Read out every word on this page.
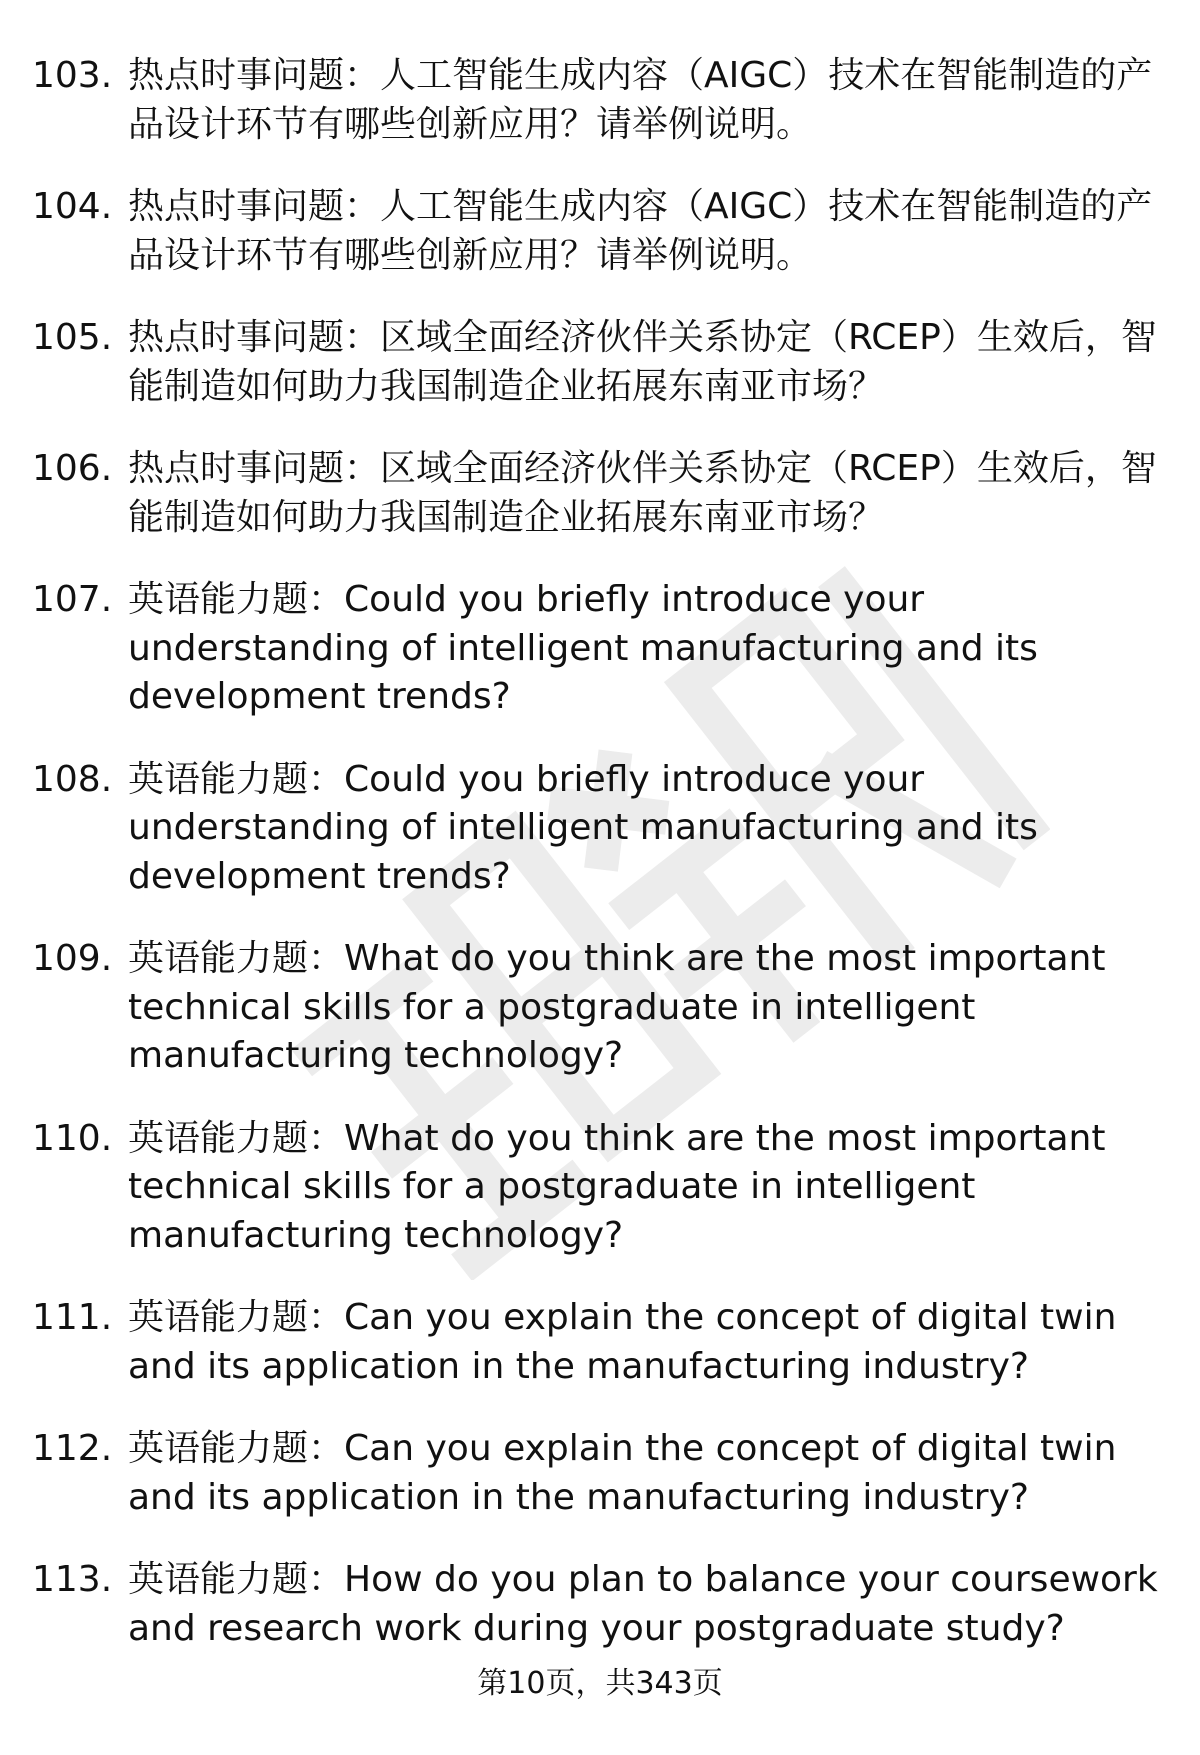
103. 热点时事问题：人工智能生成内容（AIGC）技术在智能制造的产品设计环节有哪些创新应用？请举例说明。
104. 热点时事问题：人工智能生成内容（AIGC）技术在智能制造的产品设计环节有哪些创新应用？请举例说明。
105. 热点时事问题：区域全面经济伙伴关系协定（RCEP）生效后，智能制造如何助力我国制造企业拓展东南亚市场？
106. 热点时事问题：区域全面经济伙伴关系协定（RCEP）生效后，智能制造如何助力我国制造企业拓展东南亚市场？
107. 英语能力题：Could you briefly introduce your understanding of intelligent manufacturing and its development trends?
108. 英语能力题：Could you briefly introduce your understanding of intelligent manufacturing and its development trends?
109. 英语能力题：What do you think are the most important technical skills for a postgraduate in intelligent manufacturing technology?
110. 英语能力题：What do you think are the most important technical skills for a postgraduate in intelligent manufacturing technology?
111. 英语能力题：Can you explain the concept of digital twin and its application in the manufacturing industry?
112. 英语能力题：Can you explain the concept of digital twin and its application in the manufacturing industry?
113. 英语能力题：How do you plan to balance your coursework and research work during your postgraduate study?
第10页，共343页
